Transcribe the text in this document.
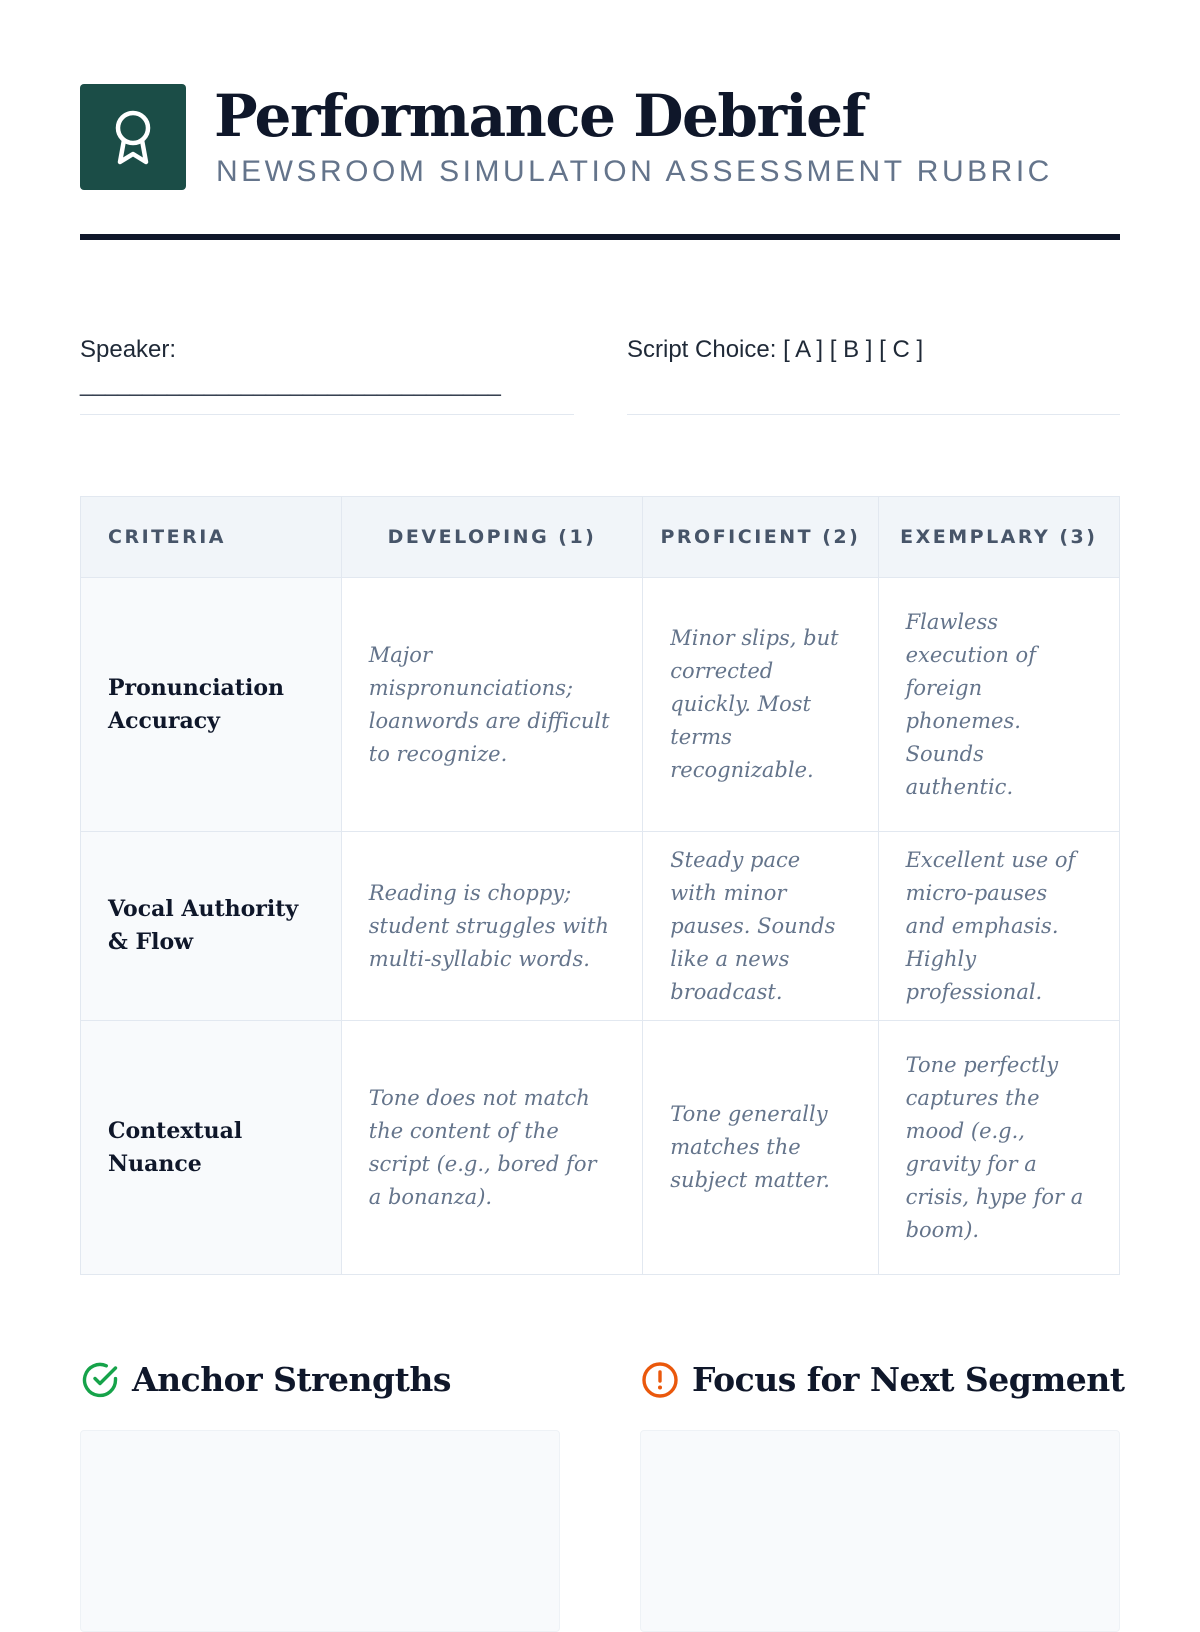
Performance Debrief
NEWSROOM SIMULATION ASSESSMENT RUBRIC
Speaker:
__________________________________
Script Choice: [ A ] [ B ] [ C ]
CRITERIA	DEVELOPING (1)	PROFICIENT (2)	EXEMPLARY (3)
Pronunciation Accuracy	Major mispronunciations; loanwords are difficult to recognize.	Minor slips, but corrected quickly. Most terms recognizable.	Flawless execution of foreign phonemes. Sounds authentic.
Vocal Authority & Flow	Reading is choppy; student struggles with multi-syllabic words.	Steady pace with minor pauses. Sounds like a news broadcast.	Excellent use of micro-pauses and emphasis. Highly professional.
Contextual Nuance	Tone does not match the content of the script (e.g., bored for a bonanza).	Tone generally matches the subject matter.	Tone perfectly captures the mood (e.g., gravity for a crisis, hype for a boom).
Anchor Strengths	Focus for Next Segment
